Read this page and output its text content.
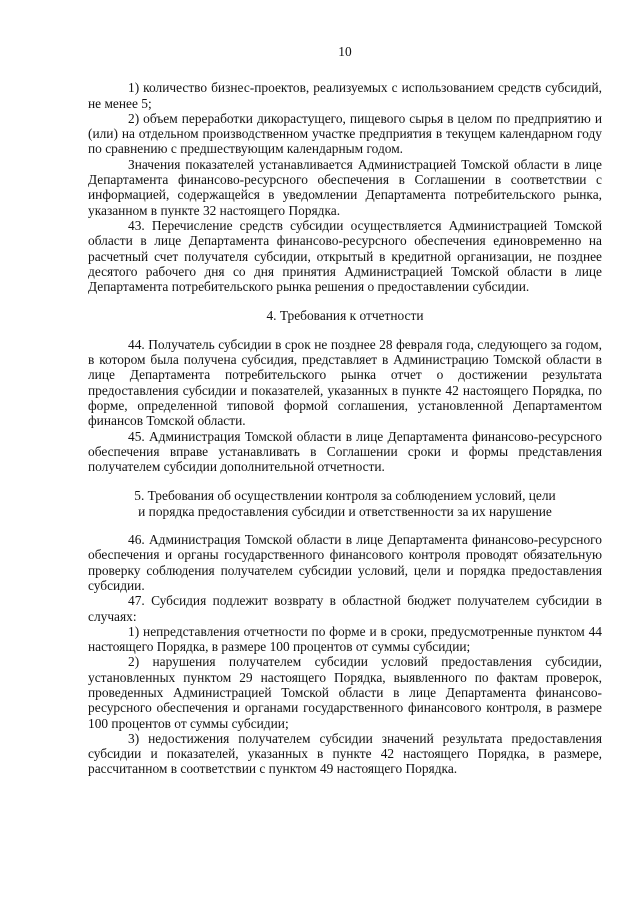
10

1) количество бизнес-проектов, реализуемых с использованием средств субсидий, не менее 5;

2) объем переработки дикорастущего, пищевого сырья в целом по предприятию и (или) на отдельном производственном участке предприятия в текущем календарном году по сравнению с предшествующим календарным годом.

Значения показателей устанавливается Администрацией Томской области в лице Департамента финансово-ресурсного обеспечения в Соглашении в соответствии с информацией, содержащейся в уведомлении Департамента потребительского рынка, указанном в пункте 32 настоящего Порядка.

43. Перечисление средств субсидии осуществляется Администрацией Томской области в лице Департамента финансово-ресурсного обеспечения единовременно на расчетный счет получателя субсидии, открытый в кредитной организации, не позднее десятого рабочего дня со дня принятия Администрацией Томской области в лице Департамента потребительского рынка решения о предоставлении субсидии.

4. Требования к отчетности

44. Получатель субсидии в срок не позднее 28 февраля года, следующего за годом, в котором была получена субсидия, представляет в Администрацию Томской области в лице Департамента потребительского рынка отчет о достижении результата предоставления субсидии и показателей, указанных в пункте 42 настоящего Порядка, по форме, определенной типовой формой соглашения, установленной Департаментом финансов Томской области.

45. Администрация Томской области в лице Департамента финансово-ресурсного обеспечения вправе устанавливать в Соглашении сроки и формы представления получателем субсидии дополнительной отчетности.

5. Требования об осуществлении контроля за соблюдением условий, цели
и порядка предоставления субсидии и ответственности за их нарушение

46. Администрация Томской области в лице Департамента финансово-ресурсного обеспечения и органы государственного финансового контроля проводят обязательную проверку соблюдения получателем субсидии условий, цели и порядка предоставления субсидии.

47. Субсидия подлежит возврату в областной бюджет получателем субсидии в случаях:

1) непредставления отчетности по форме и в сроки, предусмотренные пунктом 44 настоящего Порядка, в размере 100 процентов от суммы субсидии;

2) нарушения получателем субсидии условий предоставления субсидии, установленных пунктом 29 настоящего Порядка, выявленного по фактам проверок, проведенных Администрацией Томской области в лице Департамента финансово-ресурсного обеспечения и органами государственного финансового контроля, в размере 100 процентов от суммы субсидии;

3) недостижения получателем субсидии значений результата предоставления субсидии и показателей, указанных в пункте 42 настоящего Порядка, в размере, рассчитанном в соответствии с пунктом 49 настоящего Порядка.
